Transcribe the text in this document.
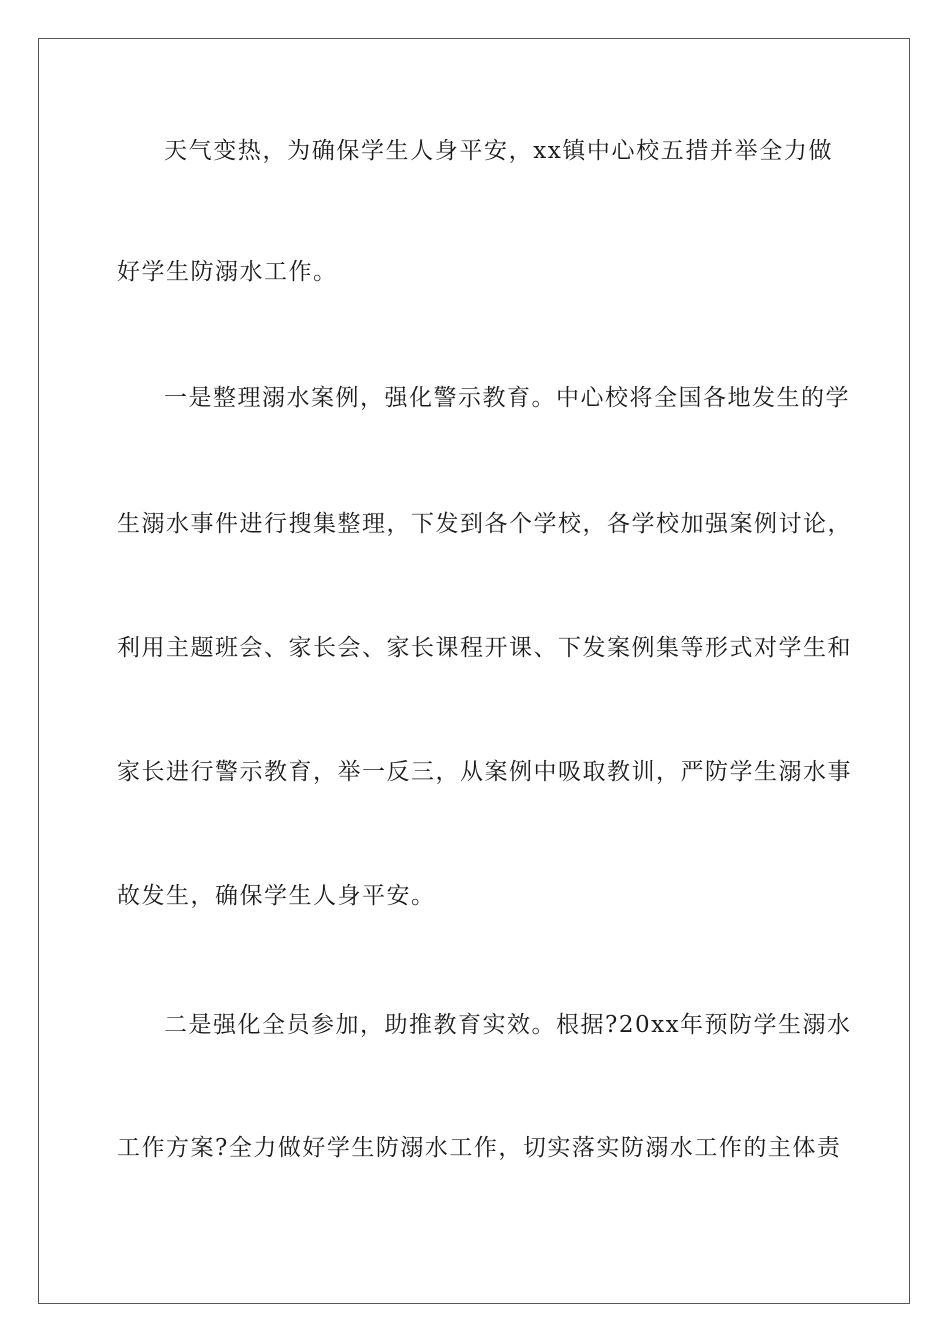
天气变热，为确保学生人身平安，xx镇中心校五措并举全力做
好学生防溺水工作。
一是整理溺水案例，强化警示教育。中心校将全国各地发生的学
生溺水事件进行搜集整理，下发到各个学校，各学校加强案例讨论，
利用主题班会、家长会、家长课程开课、下发案例集等形式对学生和
家长进行警示教育，举一反三，从案例中吸取教训，严防学生溺水事
故发生，确保学生人身平安。
二是强化全员参加，助推教育实效。根据?20xx年预防学生溺水
工作方案?全力做好学生防溺水工作，切实落实防溺水工作的主体责
